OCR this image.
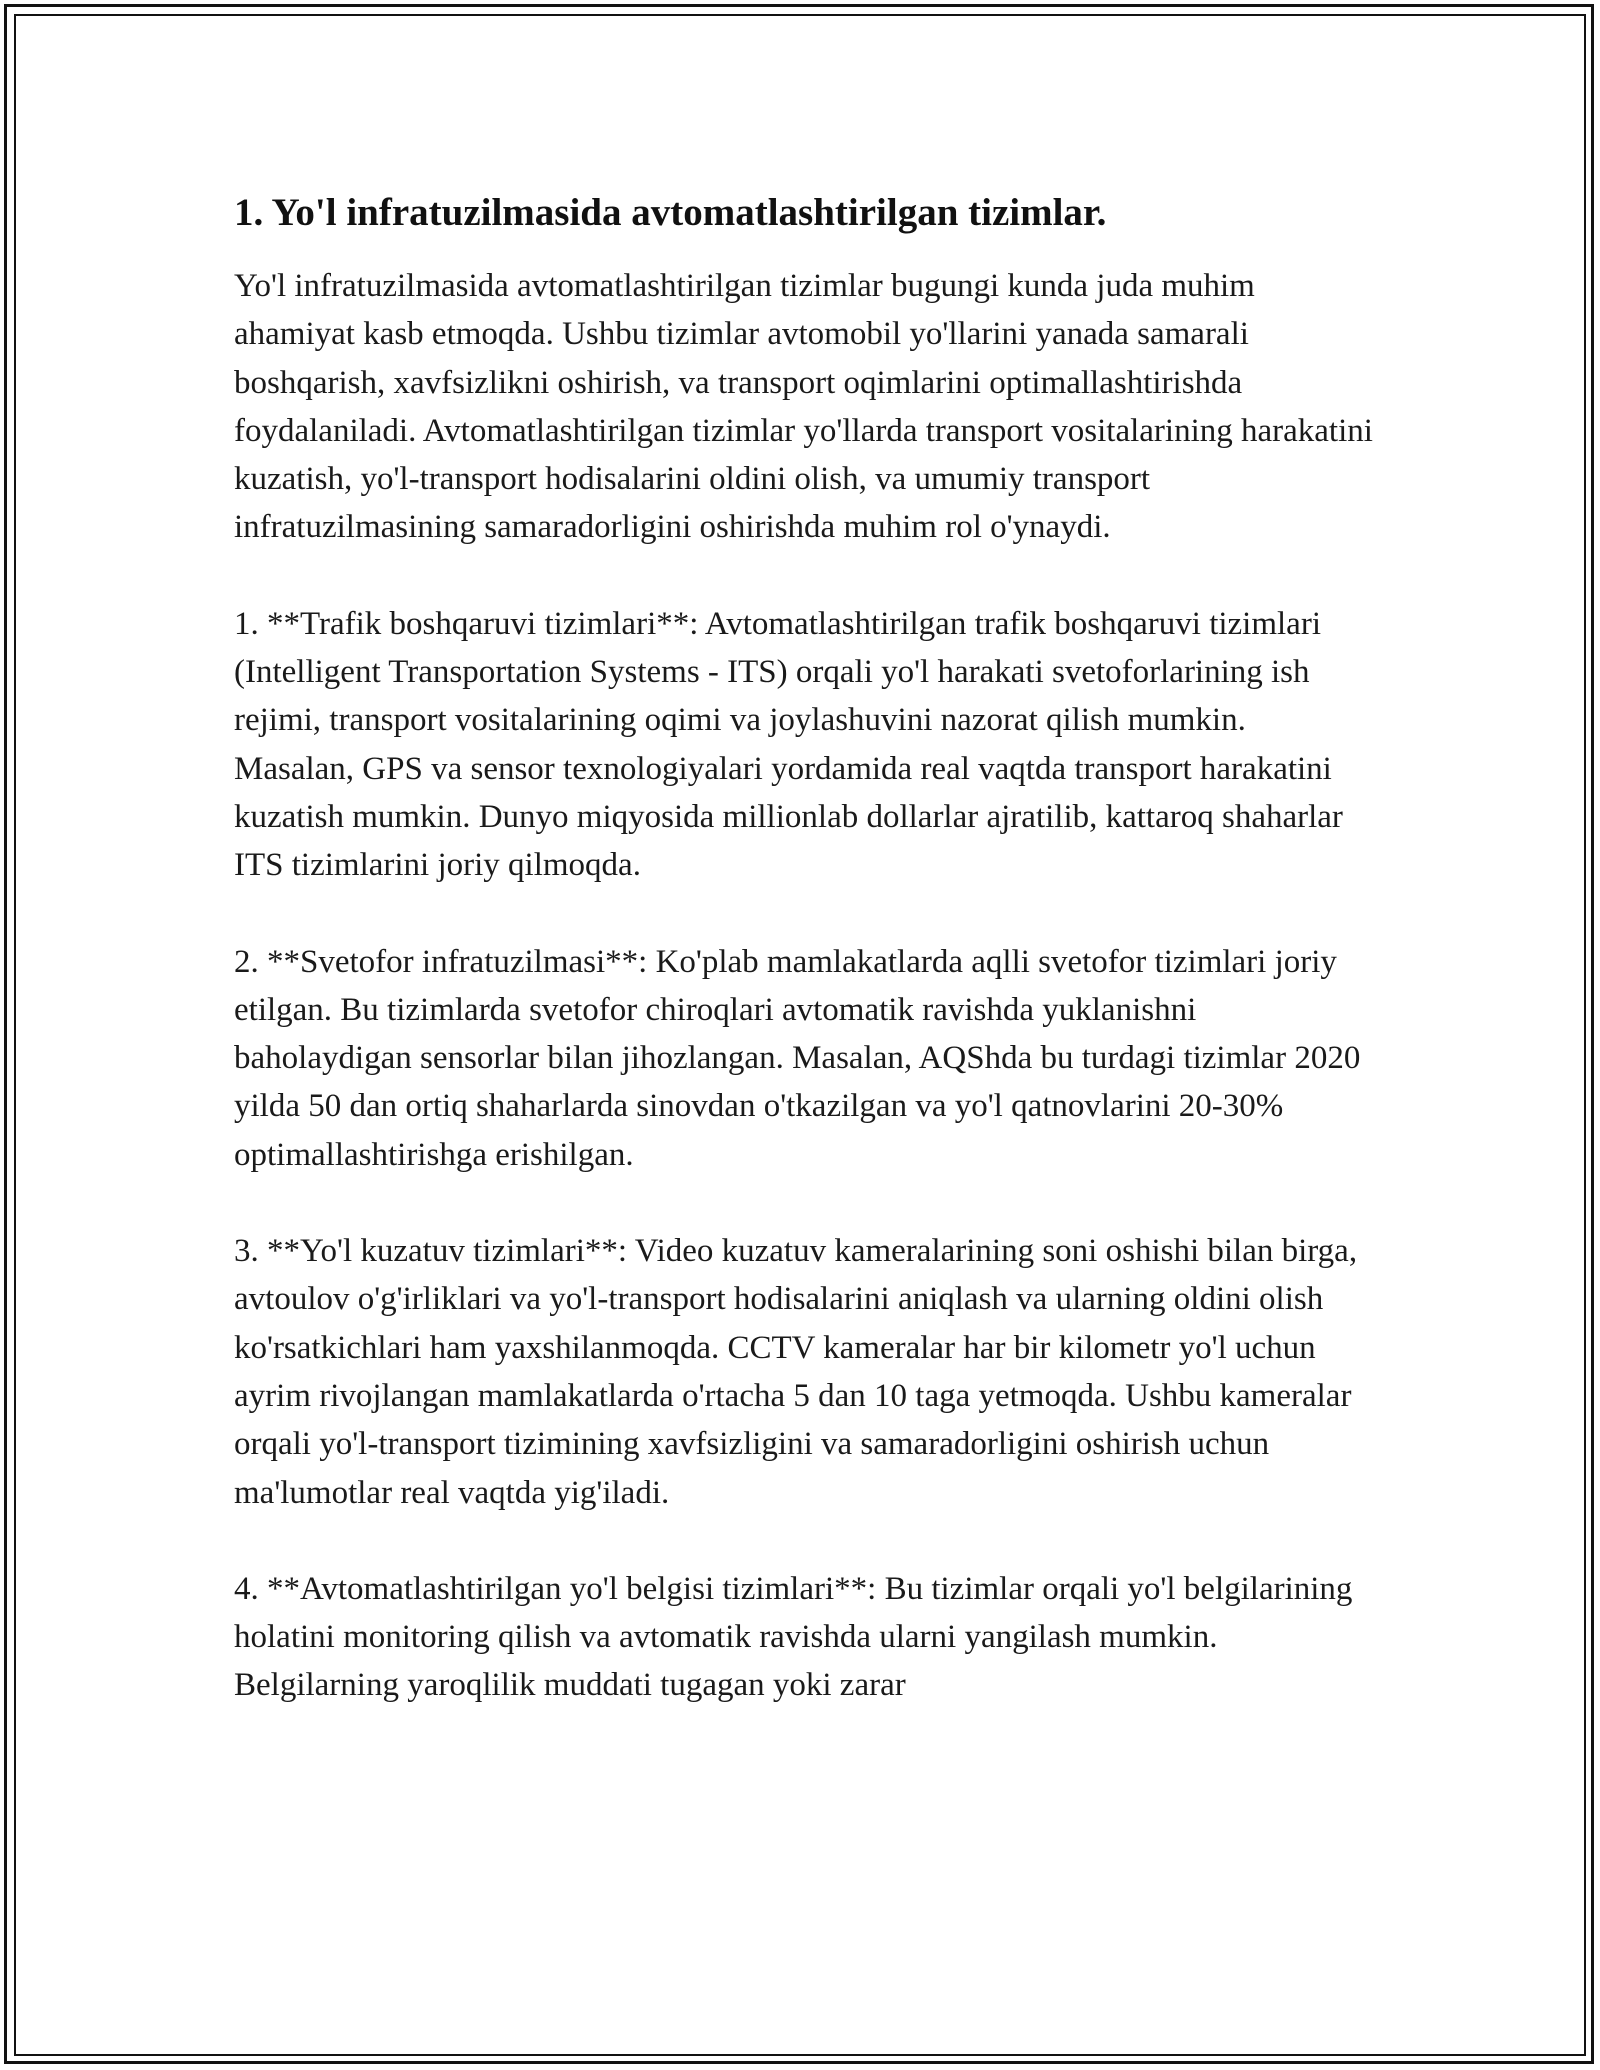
1. Yo'l infratuzilmasida avtomatlashtirilgan tizimlar.

Yo'l infratuzilmasida avtomatlashtirilgan tizimlar bugungi kunda juda muhim ahamiyat kasb etmoqda. Ushbu tizimlar avtomobil yo'llarini yanada samarali boshqarish, xavfsizlikni oshirish, va transport oqimlarini optimallashtirishda foydalaniladi. Avtomatlashtirilgan tizimlar yo'llarda transport vositalarining harakatini kuzatish, yo'l-transport hodisalarini oldini olish, va umumiy transport infratuzilmasining samaradorligini oshirishda muhim rol o'ynaydi.

1. **Trafik boshqaruvi tizimlari**: Avtomatlashtirilgan trafik boshqaruvi tizimlari (Intelligent Transportation Systems - ITS) orqali yo'l harakati svetoforlarining ish rejimi, transport vositalarining oqimi va joylashuvini nazorat qilish mumkin. Masalan, GPS va sensor texnologiyalari yordamida real vaqtda transport harakatini kuzatish mumkin. Dunyo miqyosida millionlab dollarlar ajratilib, kattaroq shaharlar ITS tizimlarini joriy qilmoqda.

2. **Svetofor infratuzilmasi**: Ko'plab mamlakatlarda aqlli svetofor tizimlari joriy etilgan. Bu tizimlarda svetofor chiroqlari avtomatik ravishda yuklanishni baholaydigan sensorlar bilan jihozlangan. Masalan, AQShda bu turdagi tizimlar 2020 yilda 50 dan ortiq shaharlarda sinovdan o'tkazilgan va yo'l qatnovlarini 20-30% optimallashtirishga erishilgan.

3. **Yo'l kuzatuv tizimlari**: Video kuzatuv kameralarining soni oshishi bilan birga, avtoulov o'g'irliklari va yo'l-transport hodisalarini aniqlash va ularning oldini olish ko'rsatkichlari ham yaxshilanmoqda. CCTV kameralar har bir kilometr yo'l uchun ayrim rivojlangan mamlakatlarda o'rtacha 5 dan 10 taga yetmoqda. Ushbu kameralar orqali yo'l-transport tizimining xavfsizligini va samaradorligini oshirish uchun ma'lumotlar real vaqtda yig'iladi.

4. **Avtomatlashtirilgan yo'l belgisi tizimlari**: Bu tizimlar orqali yo'l belgilarining holatini monitoring qilish va avtomatik ravishda ularni yangilash mumkin. Belgilarning yaroqlilik muddati tugagan yoki zarar
